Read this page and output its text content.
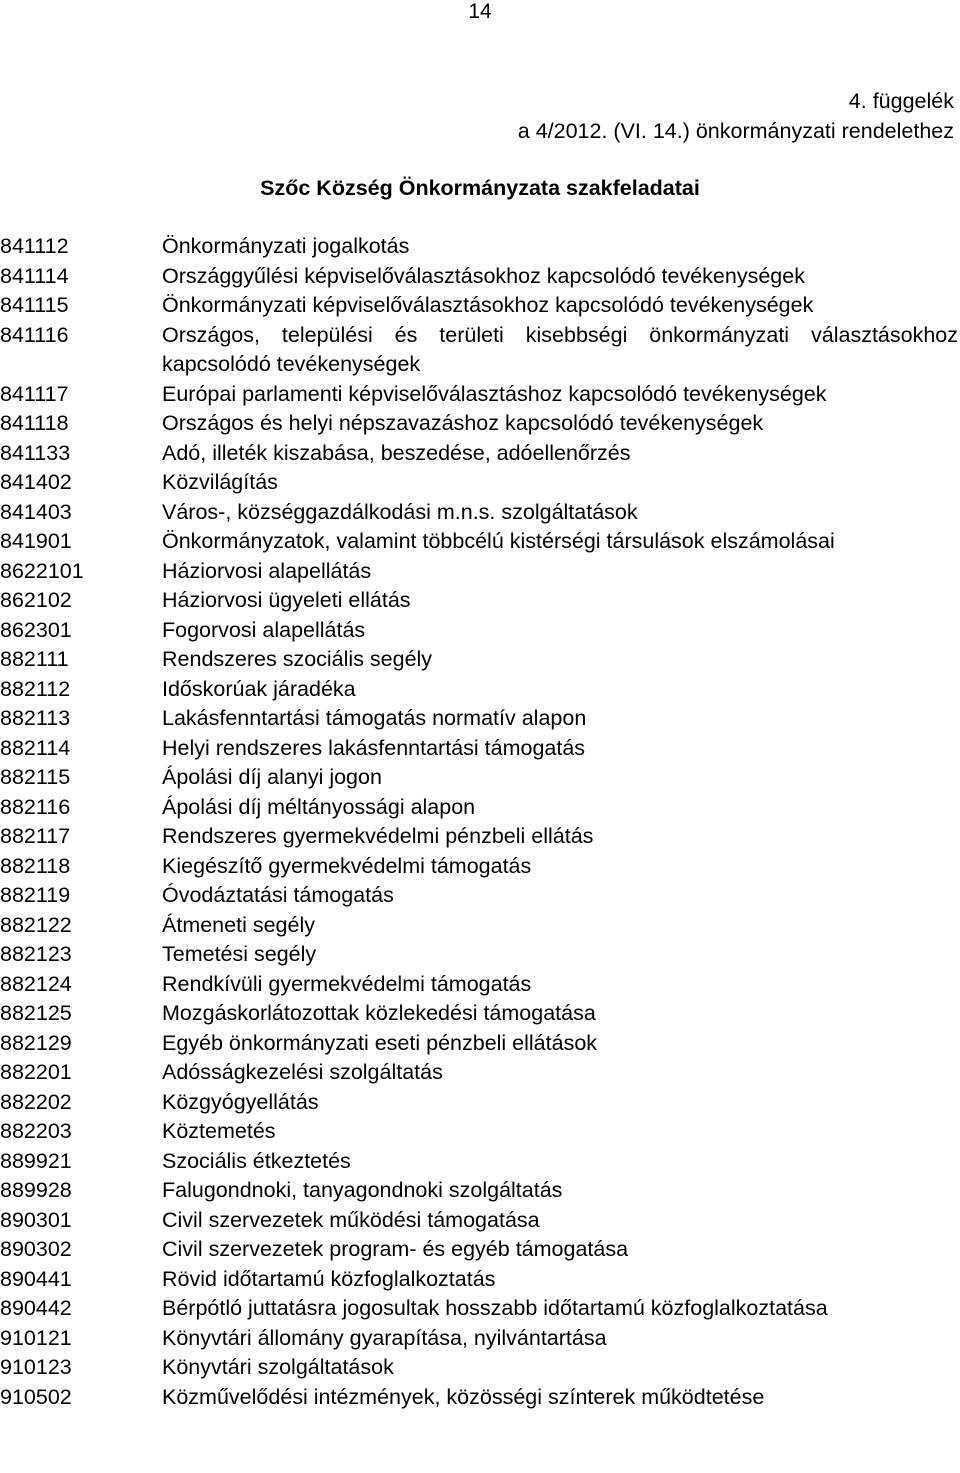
14
4. függelék
a 4/2012. (VI. 14.) önkormányzati rendelethez
Szőc Község Önkormányzata szakfeladatai
841112	Önkormányzati jogalkotás
841114	Országgyűlési képviselőválasztásokhoz kapcsolódó tevékenységek
841115	Önkormányzati képviselőválasztásokhoz kapcsolódó tevékenységek
841116	Országos, települési és területi kisebbségi önkormányzati választásokhoz kapcsolódó tevékenységek
841117	Európai parlamenti képviselőválasztáshoz kapcsolódó tevékenységek
841118	Országos és helyi népszavazáshoz kapcsolódó tevékenységek
841133	Adó, illeték kiszabása, beszedése, adóellenőrzés
841402	Közvilágítás
841403	Város-, községgazdálkodási m.n.s. szolgáltatások
841901	Önkormányzatok, valamint többcélú kistérségi társulások elszámolásai
8622101	Háziorvosi alapellátás
862102	Háziorvosi ügyeleti ellátás
862301	Fogorvosi alapellátás
882111	Rendszeres szociális segély
882112	Időskorúak járadéka
882113	Lakásfenntartási támogatás normatív alapon
882114	Helyi rendszeres lakásfenntartási támogatás
882115	Ápolási díj alanyi jogon
882116	Ápolási díj méltányossági alapon
882117	Rendszeres gyermekvédelmi pénzbeli ellátás
882118	Kiegészítő gyermekvédelmi támogatás
882119	Óvodáztatási támogatás
882122	Átmeneti segély
882123	Temetési segély
882124	Rendkívüli gyermekvédelmi támogatás
882125	Mozgáskorlátozottak közlekedési támogatása
882129	Egyéb önkormányzati eseti pénzbeli ellátások
882201	Adósságkezelési szolgáltatás
882202	Közgyógyellátás
882203	Köztemetés
889921	Szociális étkeztetés
889928	Falugondnoki, tanyagondnoki szolgáltatás
890301	Civil szervezetek működési támogatása
890302	Civil szervezetek program- és egyéb támogatása
890441	Rövid időtartamú közfoglalkoztatás
890442	Bérpótló juttatásra jogosultak hosszabb időtartamú közfoglalkoztatása
910121	Könyvtári állomány gyarapítása, nyilvántartása
910123	Könyvtári szolgáltatások
910502	Közművelődési intézmények, közösségi színterek működtetése
